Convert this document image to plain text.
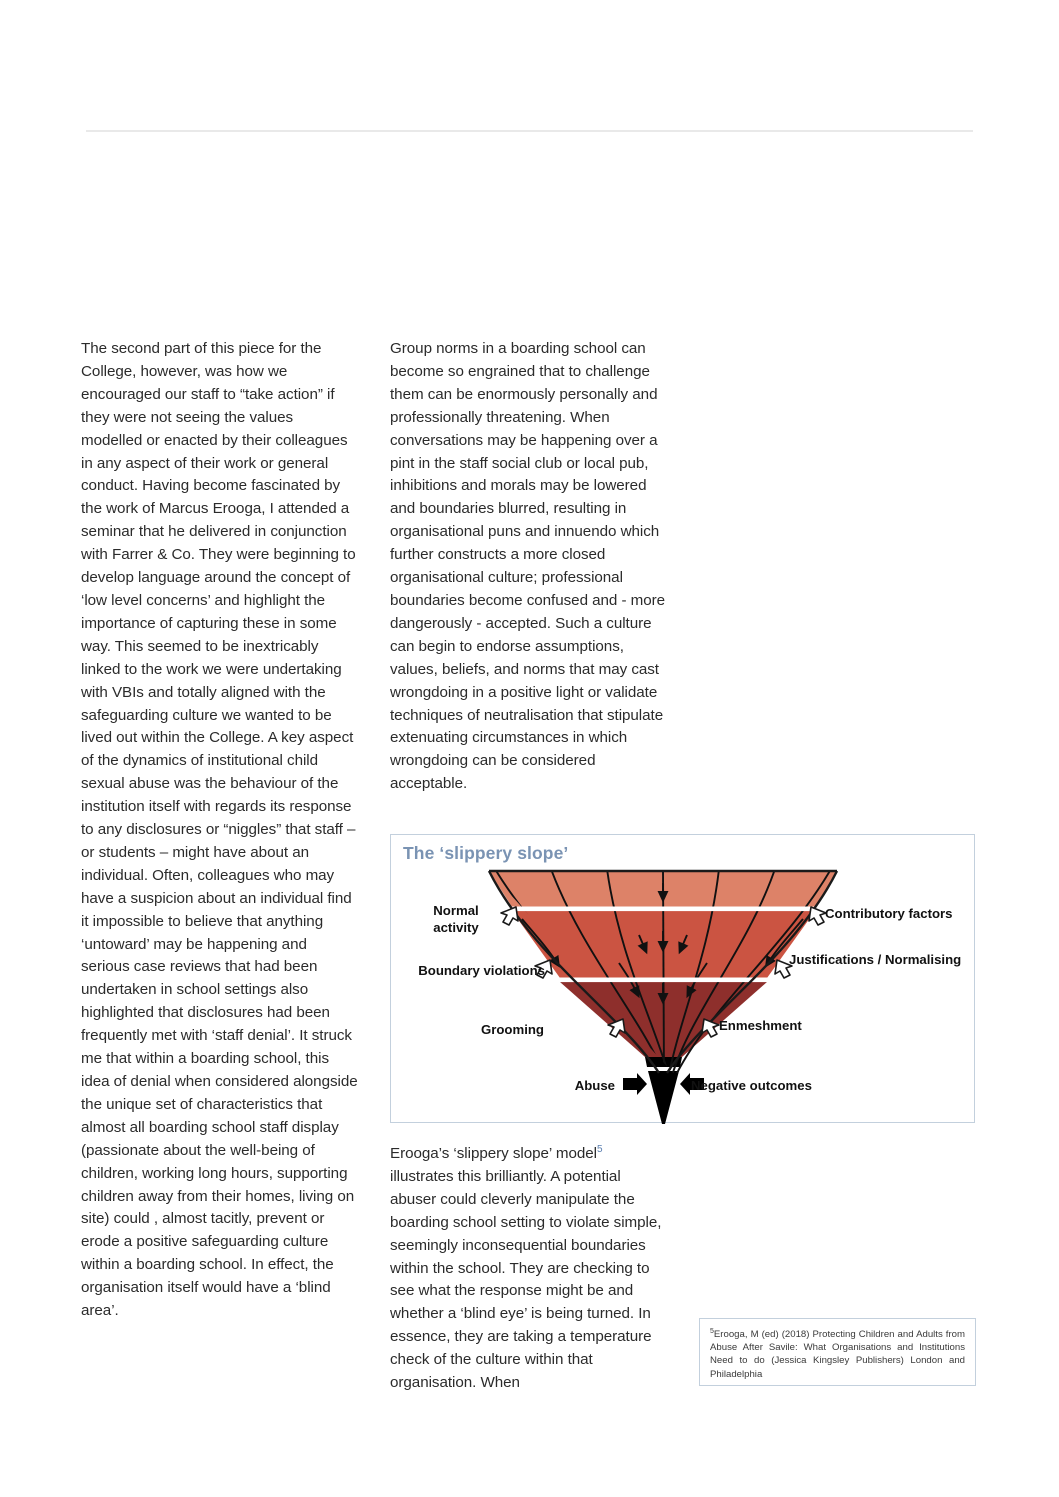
The second part of this piece for the College, however, was how we encouraged our staff to “take action” if they were not seeing the values modelled or enacted by their colleagues in any aspect of their work or general conduct. Having become fascinated by the work of Marcus Erooga, I attended a seminar that he delivered in conjunction with Farrer & Co. They were beginning to develop language around the concept of ‘low level concerns’ and highlight the importance of capturing these in some way. This seemed to be inextricably linked to the work we were undertaking with VBIs and totally aligned with the safeguarding culture we wanted to be lived out within the College. A key aspect of the dynamics of institutional child sexual abuse was the behaviour of the institution itself with regards its response to any disclosures or “niggles” that staff – or students – might have about an individual. Often, colleagues who may have a suspicion about an individual find it impossible to believe that anything ‘untoward’ may be happening and serious case reviews that had been undertaken in school settings also highlighted that disclosures had been frequently met with ‘staff denial’. It struck me that within a boarding school, this idea of denial when considered alongside the unique set of characteristics that almost all boarding school staff display (passionate about the well-being of children, working long hours, supporting children away from their homes, living on site) could , almost tacitly, prevent or erode a positive safeguarding culture within a boarding school. In effect, the organisation itself would have a ‘blind area’.

Group norms in a boarding school can become so engrained that to challenge them can be enormously personally and professionally threatening. When conversations may be happening over a pint in the staff social club or local pub, inhibitions and morals may be lowered and boundaries blurred, resulting in organisational puns and innuendo which further constructs a more closed organisational culture; professional boundaries become confused and - more dangerously - accepted. Such a culture can begin to endorse assumptions, values, beliefs, and norms that may cast wrongdoing in a positive light or validate techniques of neutralisation that stipulate extenuating circumstances in which wrongdoing can be considered acceptable.

The ‘slippery slope’
Normal
activity
Boundary violations
Grooming
Abuse
Contributory factors
Justifications / Normalising
Enmeshment
Negative outcomes

Erooga’s ‘slippery slope’ model$^5$ illustrates this brilliantly. A potential abuser could cleverly manipulate the boarding school setting to violate simple, seemingly inconsequential boundaries within the school. They are checking to see what the response might be and whether a ‘blind eye’ is being turned. In essence, they are taking a temperature check of the culture within that organisation. When

$^5$Erooga, M (ed) (2018) Protecting Children and Adults from Abuse After Savile: What Organisations and Institutions Need to do (Jessica Kingsley Publishers) London and Philadelphia
